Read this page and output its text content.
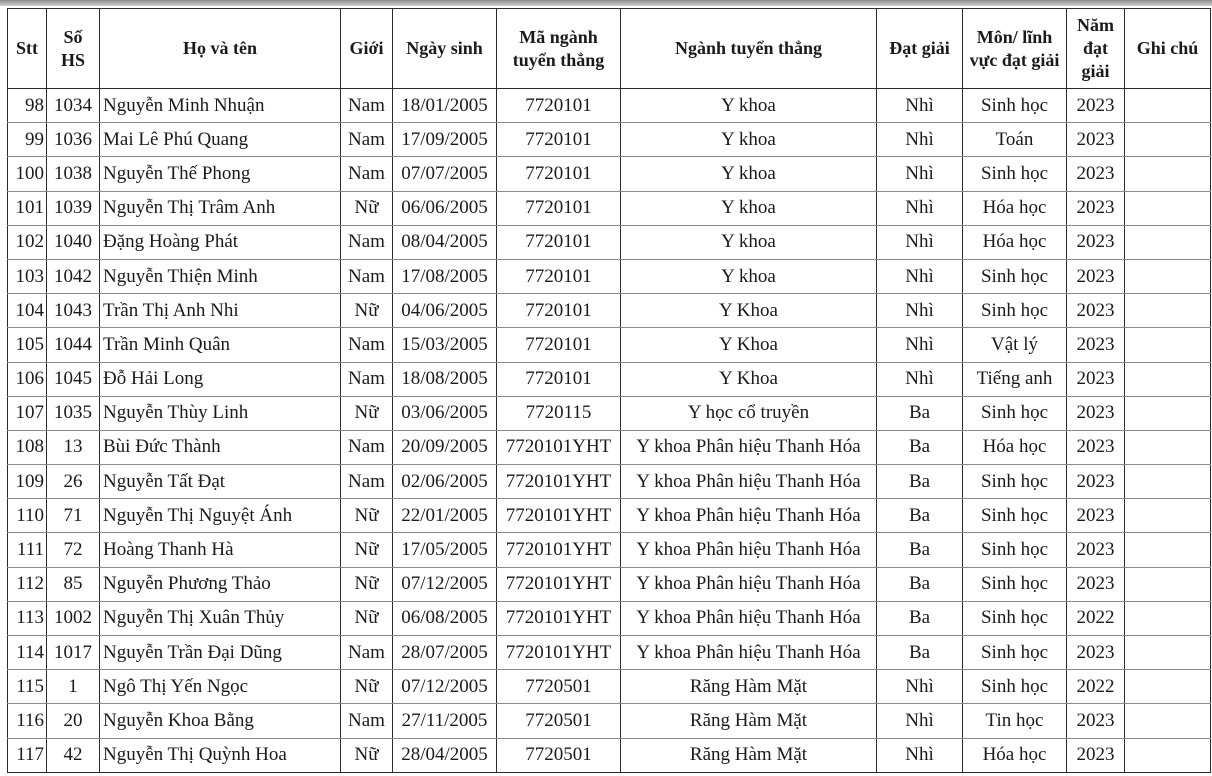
Stt	Số HS	Họ và tên	Giới	Ngày sinh	Mã ngành tuyển thẳng	Ngành tuyển thẳng	Đạt giải	Môn/ lĩnh vực đạt giải	Năm đạt giải	Ghi chú
98	1034	Nguyễn Minh Nhuận	Nam	18/01/2005	7720101	Y khoa	Nhì	Sinh học	2023	
99	1036	Mai Lê Phú Quang	Nam	17/09/2005	7720101	Y khoa	Nhì	Toán	2023	
100	1038	Nguyễn Thế Phong	Nam	07/07/2005	7720101	Y khoa	Nhì	Sinh học	2023	
101	1039	Nguyễn Thị Trâm Anh	Nữ	06/06/2005	7720101	Y khoa	Nhì	Hóa học	2023	
102	1040	Đặng Hoàng Phát	Nam	08/04/2005	7720101	Y khoa	Nhì	Hóa học	2023	
103	1042	Nguyễn Thiện Minh	Nam	17/08/2005	7720101	Y khoa	Nhì	Sinh học	2023	
104	1043	Trần Thị Anh Nhi	Nữ	04/06/2005	7720101	Y Khoa	Nhì	Sinh học	2023	
105	1044	Trần Minh Quân	Nam	15/03/2005	7720101	Y Khoa	Nhì	Vật lý	2023	
106	1045	Đỗ Hải Long	Nam	18/08/2005	7720101	Y Khoa	Nhì	Tiếng anh	2023	
107	1035	Nguyễn Thùy Linh	Nữ	03/06/2005	7720115	Y học cổ truyền	Ba	Sinh học	2023	
108	13	Bùi Đức Thành	Nam	20/09/2005	7720101YHT	Y khoa Phân hiệu Thanh Hóa	Ba	Hóa học	2023	
109	26	Nguyễn Tất Đạt	Nam	02/06/2005	7720101YHT	Y khoa Phân hiệu Thanh Hóa	Ba	Sinh học	2023	
110	71	Nguyễn Thị Nguyệt Ánh	Nữ	22/01/2005	7720101YHT	Y khoa Phân hiệu Thanh Hóa	Ba	Sinh học	2023	
111	72	Hoàng Thanh Hà	Nữ	17/05/2005	7720101YHT	Y khoa Phân hiệu Thanh Hóa	Ba	Sinh học	2023	
112	85	Nguyễn Phương Thảo	Nữ	07/12/2005	7720101YHT	Y khoa Phân hiệu Thanh Hóa	Ba	Sinh học	2023	
113	1002	Nguyễn Thị Xuân Thủy	Nữ	06/08/2005	7720101YHT	Y khoa Phân hiệu Thanh Hóa	Ba	Sinh học	2022	
114	1017	Nguyễn Trần Đại Dũng	Nam	28/07/2005	7720101YHT	Y khoa Phân hiệu Thanh Hóa	Ba	Sinh học	2023	
115	1	Ngô Thị Yến Ngọc	Nữ	07/12/2005	7720501	Răng Hàm Mặt	Nhì	Sinh học	2022	
116	20	Nguyễn Khoa Bằng	Nam	27/11/2005	7720501	Răng Hàm Mặt	Nhì	Tin học	2023	
117	42	Nguyễn Thị Quỳnh Hoa	Nữ	28/04/2005	7720501	Răng Hàm Mặt	Nhì	Hóa học	2023	
